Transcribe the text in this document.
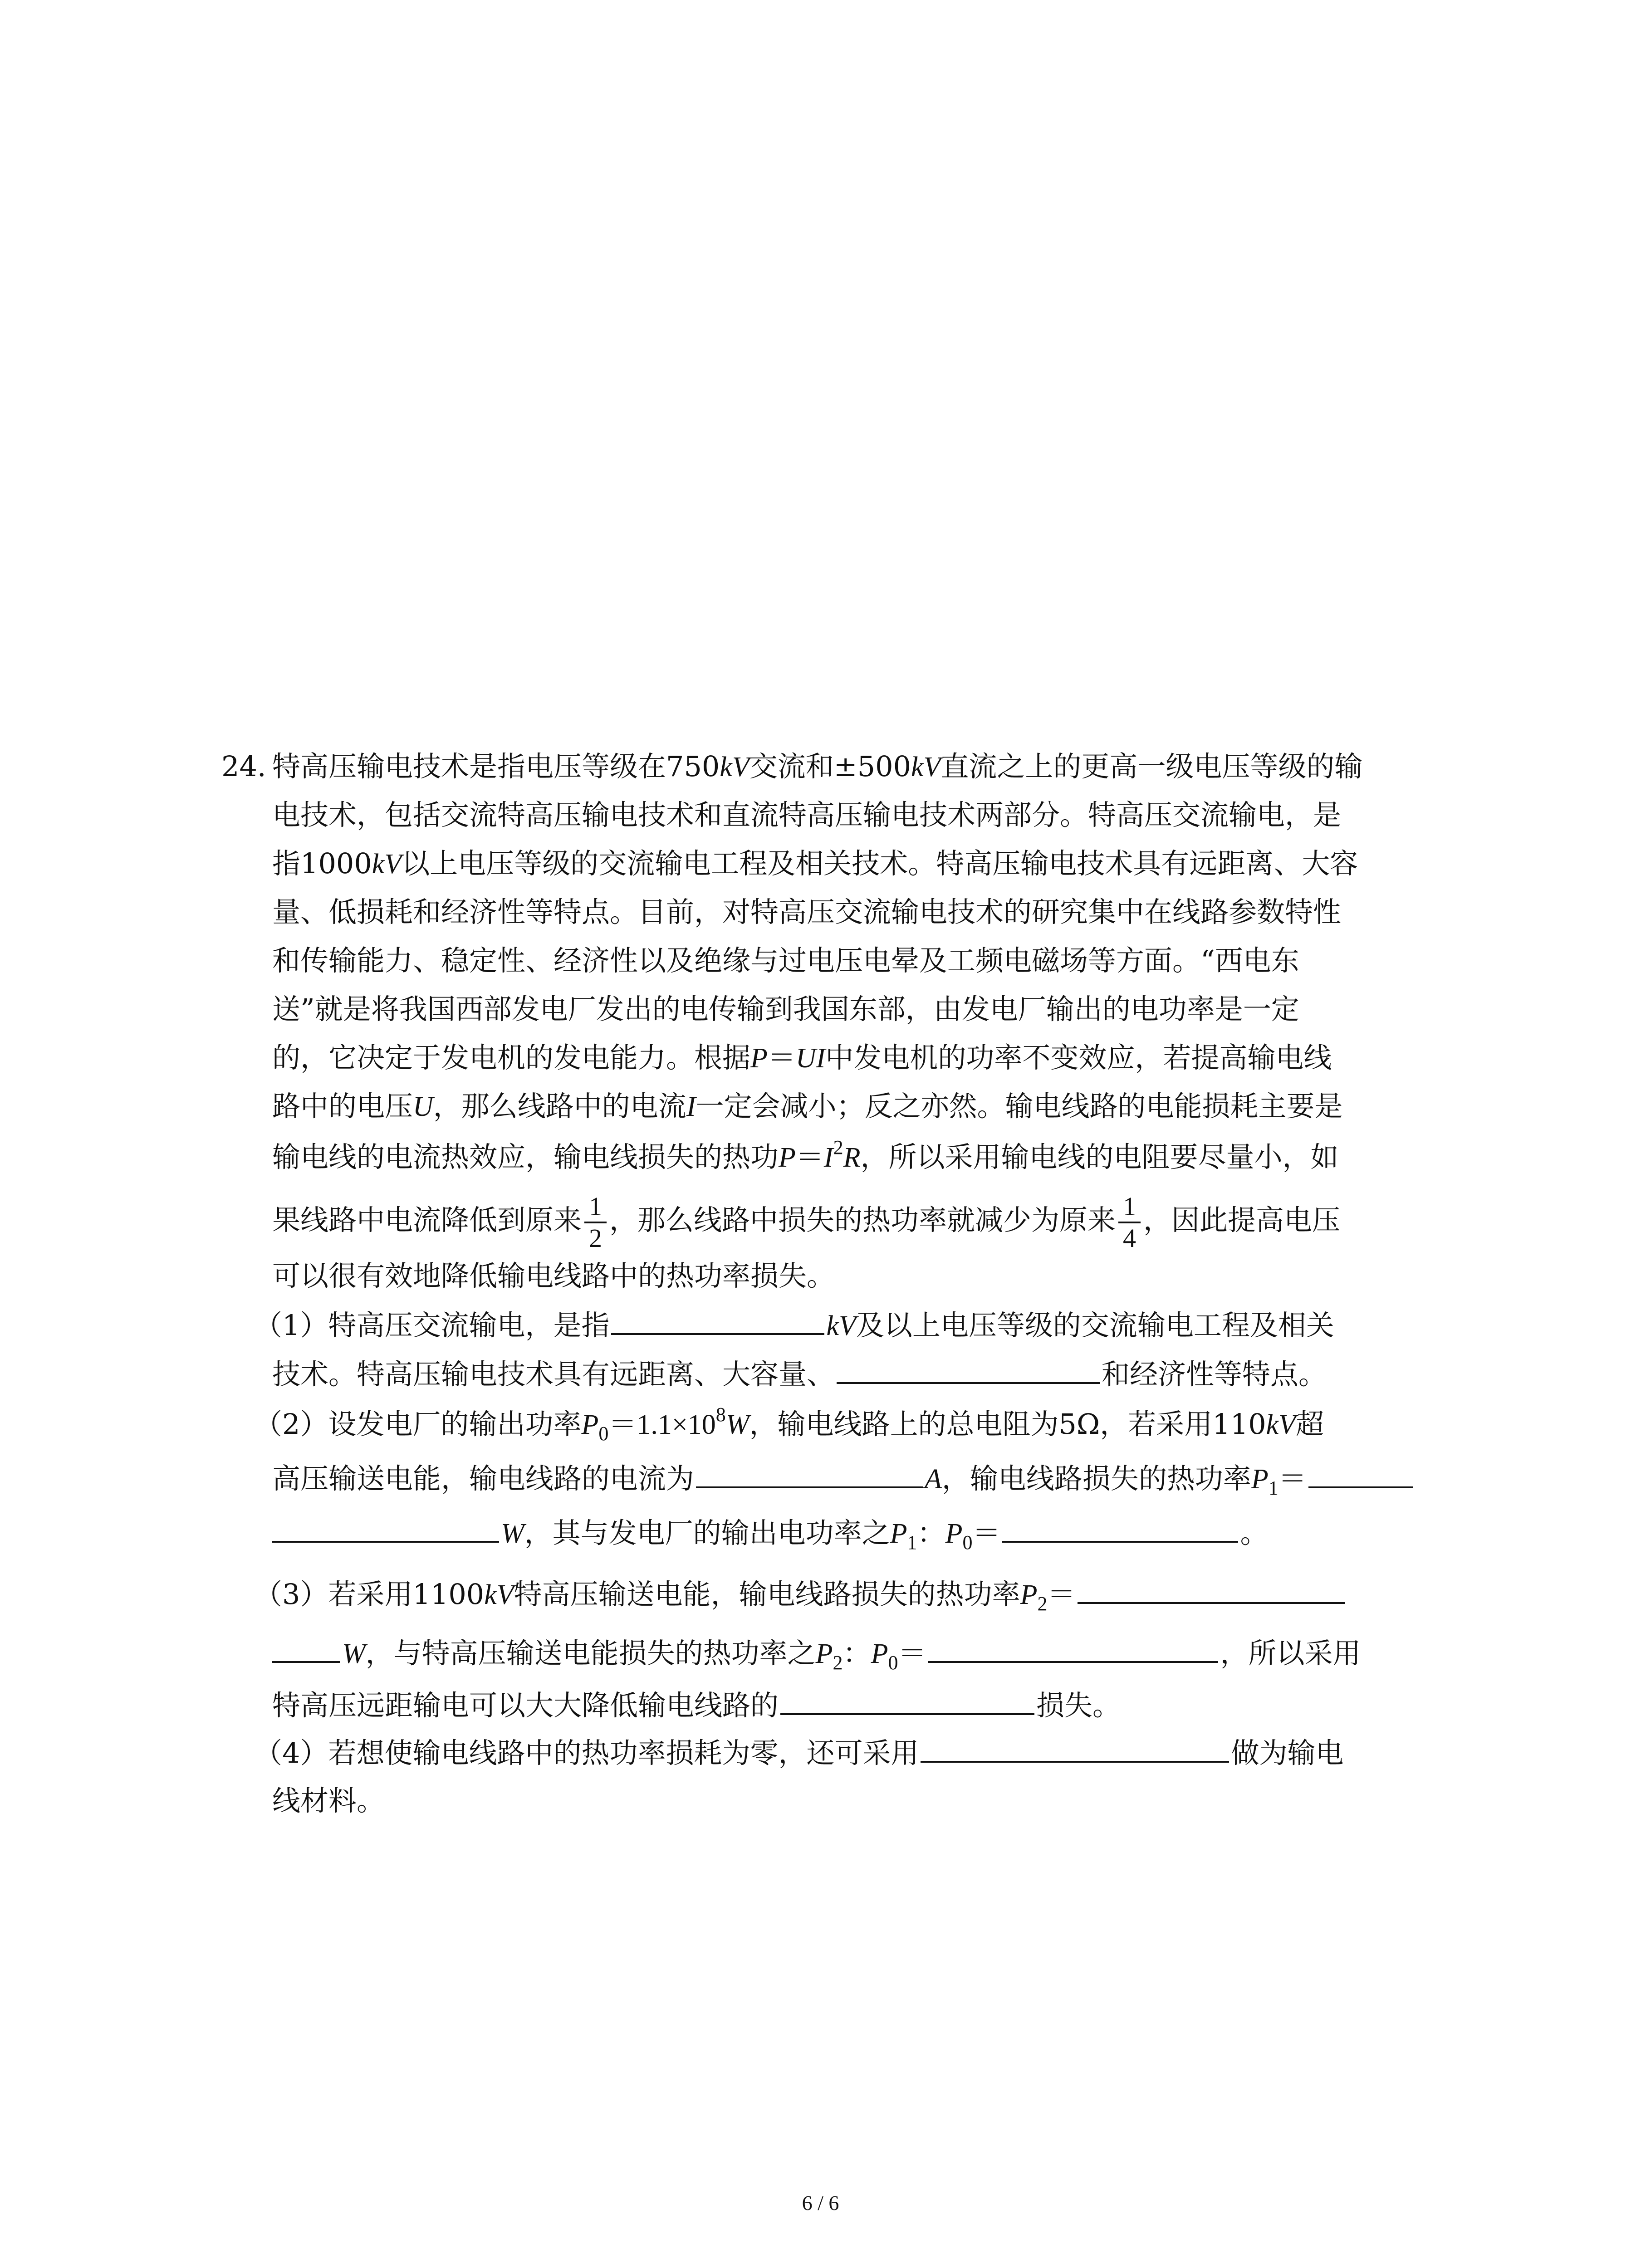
24. 特高压输电技术是指电压等级在750kV交流和±500kV直流之上的更高一级电压等级的输
电技术，包括交流特高压输电技术和直流特高压输电技术两部分。特高压交流输电，是
指1000kV以上电压等级的交流输电工程及相关技术。特高压输电技术具有远距离、大容
量、低损耗和经济性等特点。目前，对特高压交流输电技术的研究集中在线路参数特性
和传输能力、稳定性、经济性以及绝缘与过电压电晕及工频电磁场等方面。“西电东
送”就是将我国西部发电厂发出的电传输到我国东部，由发电厂输出的电功率是一定
的，它决定于发电机的发电能力。根据P＝UI中发电机的功率不变效应，若提高输电线
路中的电压U，那么线路中的电流I一定会减小；反之亦然。输电线路的电能损耗主要是
输电线的电流热效应，输电线损失的热功$P=I^2R$，所以采用输电线的电阻要尽量小，如
果线路中电流降低到原来 $\frac{1}{2}$ ，那么线路中损失的热功率就减少为原来 $\frac{1}{4}$ ，因此提高电压
可以很有效地降低输电线路中的热功率损失。
（1）特高压交流输电，是指	kV及以上电压等级的交流输电工程及相关
技术。特高压输电技术具有远距离、大容量、	和经济性等特点。
（2）设发电厂的输出功率$P_0=1.1\times 10^8W$，输电线路上的总电阻为5Ω，若采用110kV超
高压输送电能，输电线路的电流为	A，输电线路损失的热功率$P_1=$
W，其与发电厂的输出电功率之$P_1$：$P_0=$	。
（3）若采用1100kV特高压输送电能，输电线路损失的热功率$P_2=$
W，与特高压输送电能损失的热功率之$P_2$：$P_0=$	，所以采用
特高压远距输电可以大大降低输电线路的	损失。
（4）若想使输电线路中的热功率损耗为零，还可采用	做为输电
线材料。
6 / 6
